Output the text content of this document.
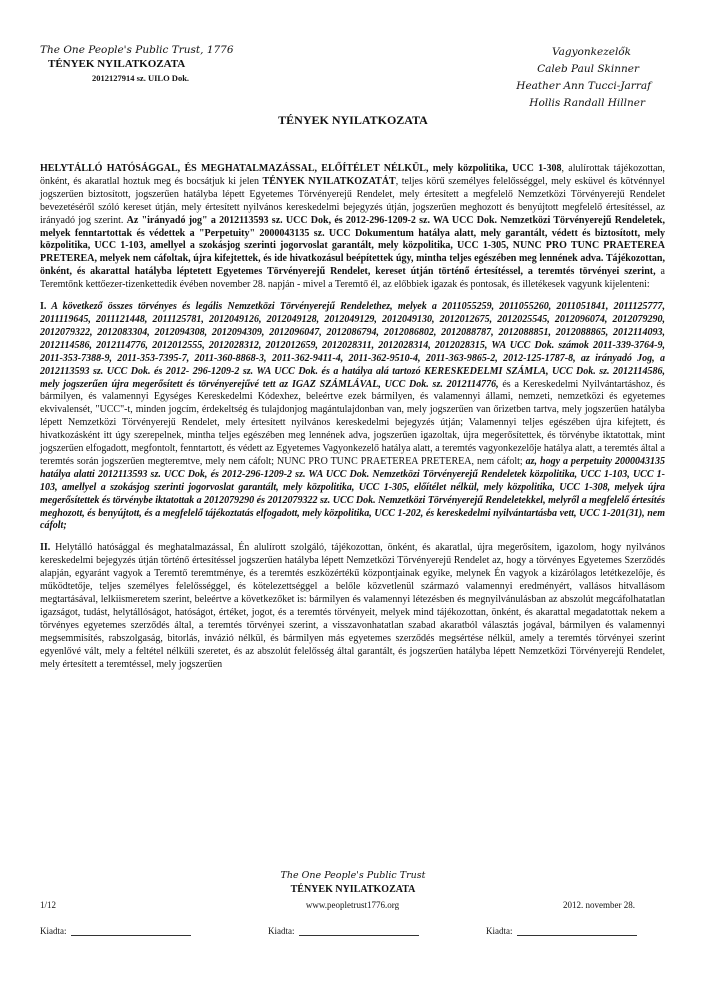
The One People's Public Trust, 1776
TÉNYEK NYILATKOZATA
2012127914 sz. UILO Dok.
Vagyonkezelők
Caleb Paul Skinner
Heather Ann Tucci-Jarraf
Hollis Randall Hillner
TÉNYEK NYILATKOZATA

HELYTÁLLÓ HATÓSÁGGAL, ÉS MEGHATALMAZÁSSAL, ELŐÍTÉLET NÉLKÜL, mely közpolitika, UCC 1-308, alulírottak tájékozottan, önként, és akaratlal hoztuk meg és bocsátjuk ki jelen TÉNYEK NYILATKOZATÁT, teljes körű személyes felelősséggel, mely esküvel és kötvénnyel jogszerűen biztosított, jogszerűen hatályba lépett Egyetemes Törvényerejű Rendelet, mely értesített a megfelelő Nemzetközi Törvényerejű Rendelet bevezetéséről szóló kereset útján, mely értesített nyilvános kereskedelmi bejegyzés útján, jogszerűen meghozott és benyújtott megfelelő értesítéssel, az irányadó jog szerint. Az "irányadó jog" a 2012113593 sz. UCC Dok, és 2012-296-1209-2 sz. WA UCC Dok. Nemzetközi Törvényerejű Rendeletek, melyek fenntartottak és védettek a "Perpetuity" 2000043135 sz. UCC Dokumentum hatálya alatt, mely garantált, védett és biztosított, mely közpolitika, UCC 1-103, amellyel a szokásjog szerinti jogorvoslat garantált, mely közpolitika, UCC 1-305, NUNC PRO TUNC PRAETEREA PRETEREA, melyek nem cáfoltak, újra kifejtettek, és ide hivatkozásul beépítettek úgy, mintha teljes egészében meg lennének adva. Tájékozottan, önként, és akarattal hatályba léptetett Egyetemes Törvényerejű Rendelet, kereset útján történő értesítéssel, a teremtés törvényei szerint, a Teremtőnk kettőezer-tizenkettedik évében november 28. napján - mivel a Teremtő él, az előbbiek igazak és pontosak, és illetékesek vagyunk kijelenteni:

I. A következő összes törvényes és legális Nemzetközi Törvényerejű Rendelethez, melyek a 2011055259, 2011055260, 2011051841, 2011125777, 2011119645, 2011121448, 2011125781, 2012049126, 2012049128, 2012049129, 2012049130, 2012012675, 2012025545, 2012096074, 2012079290, 2012079322, 2012083304, 2012094308, 2012094309, 2012096047, 2012086794, 2012086802, 2012088787, 2012088851, 2012088865, 2012114093, 2012114586, 2012114776, 2012012555, 2012028312, 2012012659, 2012028311, 2012028314, 2012028315, WA UCC Dok. számok 2011-339-3764-9, 2011-353-7388-9, 2011-353-7395-7, 2011-360-8868-3, 2011-362-9411-4, 2011-362-9510-4, 2011-363-9865-2, 2012-125-1787-8, az irányadó Jog, a 2012113593 sz. UCC Dok. és 2012- 296-1209-2 sz. WA UCC Dok. és a hatálya alá tartozó KERESKEDELMI SZÁMLA, UCC Dok. sz. 2012114586, mely jogszerűen újra megerősített és törvényerejűvé tett az IGAZ SZÁMLÁVAL, UCC Dok. sz. 2012114776, és a Kereskedelmi Nyilvántartáshoz, és bármilyen, és valamennyi Egységes Kereskedelmi Kódexhez, beleértve ezek bármilyen, és valamennyi állami, nemzeti, nemzetközi és egyetemes ekvivalensét, "UCC"-t, minden jogcím, érdekeltség és tulajdonjog magántulajdonban van, mely jogszerűen van őrizetben tartva, mely jogszerűen hatályba lépett Nemzetközi Törvényerejű Rendelet, mely értesített nyilvános kereskedelmi bejegyzés útján; Valamennyi teljes egészében újra kifejtett, és hivatkozásként itt úgy szerepelnek, mintha teljes egészében meg lennének adva, jogszerűen igazoltak, újra megerősítettek, és törvénybe iktatottak, mint jogszerűen elfogadott, megfontolt, fenntartott, és védett az Egyetemes Vagyonkezelő hatálya alatt, a teremtés vagyonkezelője hatálya alatt, a teremtés által a teremtés során jogszerűen megteremtve, mely nem cáfolt; NUNC PRO TUNC PRAETEREA PRETEREA, nem cáfolt; az, hogy a perpetuity 2000043135 hatálya alatti 2012113593 sz. UCC Dok, és 2012-296-1209-2 sz. WA UCC Dok. Nemzetközi Törvényerejű Rendeletek közpolitika, UCC 1-103, UCC 1-103, amellyel a szokásjog szerinti jogorvoslat garantált, mely közpolitika, UCC 1-305, előítélet nélkül, mely közpolitika, UCC 1-308, melyek újra megerősítettek és törvénybe iktatottak a 2012079290 és 2012079322 sz. UCC Dok. Nemzetközi Törvényerejű Rendeletekkel, melyről a megfelelő értesítés meghozott, és benyújtott, és a megfelelő tájékoztatás elfogadott, mely közpolitika, UCC 1-202, és kereskedelmi nyilvántartásba vett, UCC 1-201(31), nem cáfolt;

II. Helytálló hatósággal és meghatalmazással, Én alulírott szolgáló, tájékozottan, önként, és akaratlal, újra megerősítem, igazolom, hogy nyilvános kereskedelmi bejegyzés útján történő értesítéssel jogszerűen hatályba lépett Nemzetközi Törvényerejű Rendelet az, hogy a törvényes Egyetemes Szerződés alapján, egyaránt vagyok a Teremtő teremtménye, és a teremtés eszközértékű központjainak egyike, melynek Én vagyok a kizárólagos letétkezelője, és működtetője, teljes személyes felelősséggel, és kötelezettséggel a belőle közvetlenül származó valamennyi eredményért, vallásos hitvallásom megtartásával, lelkiismeretem szerint, beleértve a következőket is: bármilyen és valamennyi létezésben és megnyilvánulásban az abszolút megcáfolhatatlan igazságot, tudást, helytállóságot, hatóságot, értéket, jogot, és a teremtés törvényeit, melyek mind tájékozottan, önként, és akarattal megadatottak nekem a törvényes egyetemes szerződés által, a teremtés törvényei szerint, a visszavonhatatlan szabad akaratból választás jogával, bármilyen és valamennyi megsemmisítés, rabszolgaság, bitorlás, invázió nélkül, és bármilyen más egyetemes szerződés megsértése nélkül, amely a teremtés törvényei szerint egyenlővé vált, mely a feltétel nélküli szeretet, és az abszolút felelősség által garantált, és jogszerűen hatályba lépett Nemzetközi Törvényerejű Rendelet, mely értesített a teremtéssel, mely jogszerűen

The One People's Public Trust
TÉNYEK NYILATKOZATA
1/12	www.peopletrust1776.org	2012. november 28.
Kiadta:	Kiadta:	Kiadta:
